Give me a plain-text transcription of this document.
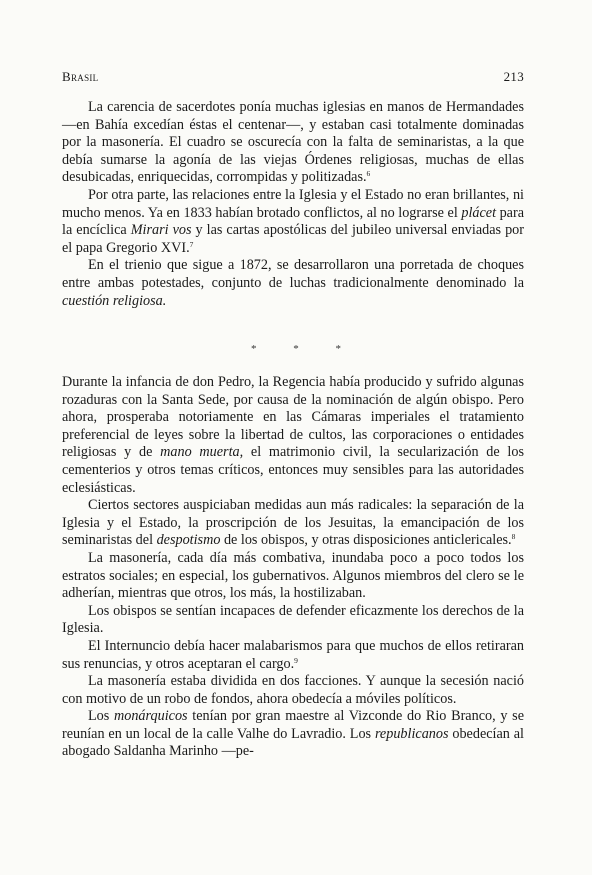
Brasil	213

La carencia de sacerdotes ponía muchas iglesias en manos de Hermandades —en Bahía excedían éstas el centenar—, y estaban casi totalmente dominadas por la masonería. El cuadro se oscurecía con la falta de seminaristas, a la que debía sumarse la agonía de las viejas Órdenes religiosas, muchas de ellas desubicadas, enriquecidas, corrompidas y politizadas.$^6$

Por otra parte, las relaciones entre la Iglesia y el Estado no eran brillantes, ni mucho menos. Ya en 1833 habían brotado conflictos, al no lograrse el plácet para la encíclica Mirari vos y las cartas apostólicas del jubileo universal enviadas por el papa Gregorio XVI.$^7$

En el trienio que sigue a 1872, se desarrollaron una porretada de choques entre ambas potestades, conjunto de luchas tradicionalmente denominado la cuestión religiosa.

* * *

Durante la infancia de don Pedro, la Regencia había producido y sufrido algunas rozaduras con la Santa Sede, por causa de la nominación de algún obispo. Pero ahora, prosperaba notoriamente en las Cámaras imperiales el tratamiento preferencial de leyes sobre la libertad de cultos, las corporaciones o entidades religiosas y de mano muerta, el matrimonio civil, la secularización de los cementerios y otros temas críticos, entonces muy sensibles para las autoridades eclesiásticas.

Ciertos sectores auspiciaban medidas aun más radicales: la separación de la Iglesia y el Estado, la proscripción de los Jesuitas, la emancipación de los seminaristas del despotismo de los obispos, y otras disposiciones anticlericales.$^8$

La masonería, cada día más combativa, inundaba poco a poco todos los estratos sociales; en especial, los gubernativos. Algunos miembros del clero se le adherían, mientras que otros, los más, la hostilizaban.

Los obispos se sentían incapaces de defender eficazmente los derechos de la Iglesia.

El Internuncio debía hacer malabarismos para que muchos de ellos retiraran sus renuncias, y otros aceptaran el cargo.$^9$

La masonería estaba dividida en dos facciones. Y aunque la secesión nació con motivo de un robo de fondos, ahora obedecía a móviles políticos.

Los monárquicos tenían por gran maestre al Vizconde do Rio Branco, y se reunían en un local de la calle Valhe do Lavradio. Los republicanos obedecían al abogado Saldanha Marinho —pe-
